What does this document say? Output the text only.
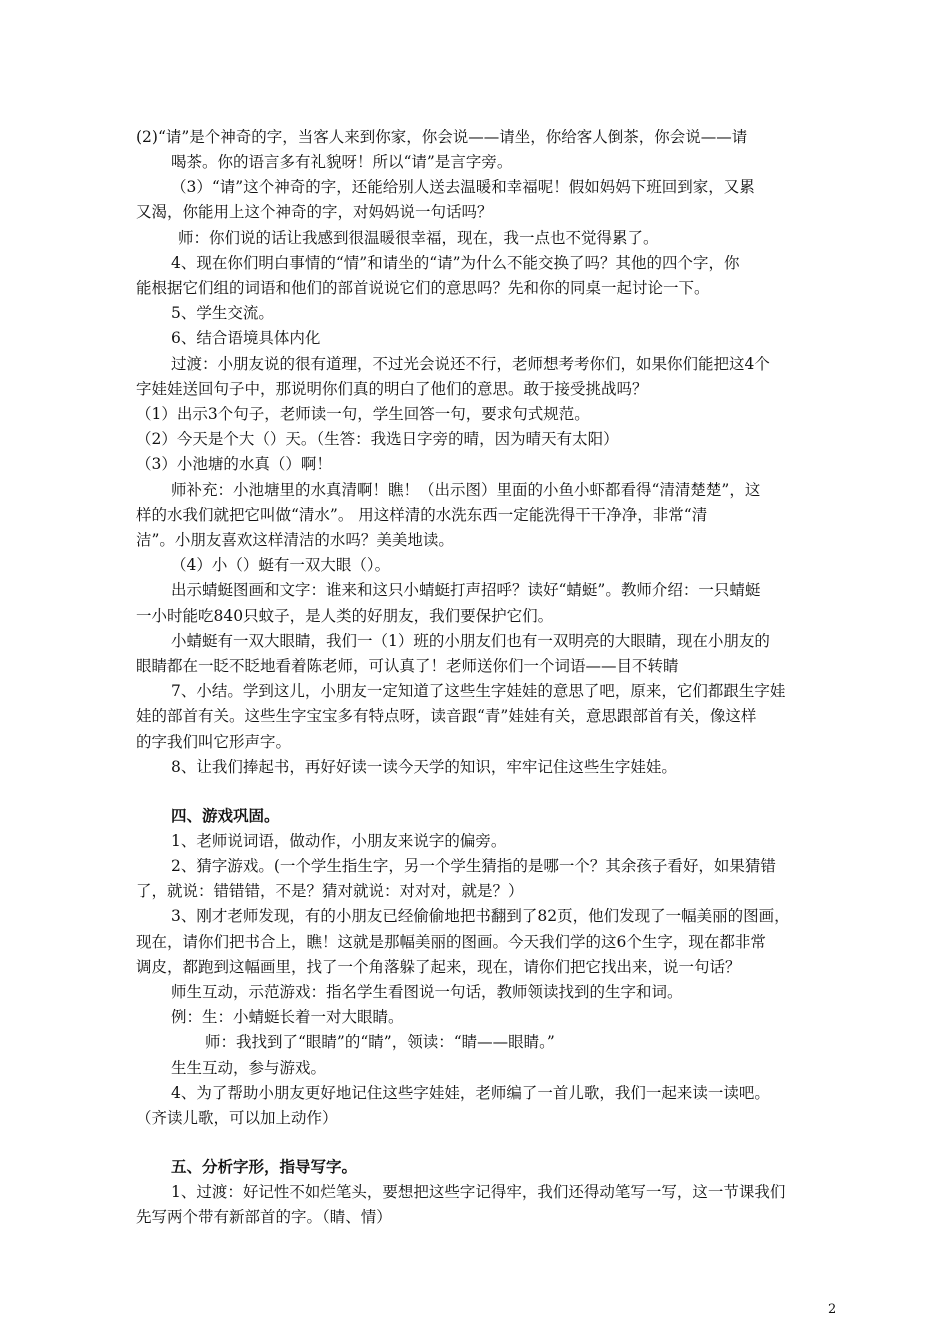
(2)“请”是个神奇的字，当客人来到你家，你会说——请坐，你给客人倒茶，你会说——请

喝茶。你的语言多有礼貌呀！所以“请”是言字旁。

（3）“请”这个神奇的字，还能给别人送去温暖和幸福呢！假如妈妈下班回到家，又累

又渴，你能用上这个神奇的字，对妈妈说一句话吗？

师：你们说的话让我感到很温暖很幸福，现在，我一点也不觉得累了。

4、现在你们明白事情的“情”和请坐的“请”为什么不能交换了吗？其他的四个字，你

能根据它们组的词语和他们的部首说说它们的意思吗？先和你的同桌一起讨论一下。

5、学生交流。

6、结合语境具体内化

过渡：小朋友说的很有道理，不过光会说还不行，老师想考考你们，如果你们能把这4个

字娃娃送回句子中，那说明你们真的明白了他们的意思。敢于接受挑战吗？

（1）出示3个句子，老师读一句，学生回答一句，要求句式规范。

（2）今天是个大（）天。（生答：我选日字旁的晴，因为晴天有太阳）

（3）小池塘的水真（）啊！

师补充：小池塘里的水真清啊！瞧！（出示图）里面的小鱼小虾都看得“清清楚楚”，这

样的水我们就把它叫做“清水”。 用这样清的水洗东西一定能洗得干干净净，非常“清

洁”。小朋友喜欢这样清洁的水吗？美美地读。

（4）小（）蜓有一双大眼（）。

出示蜻蜓图画和文字：谁来和这只小蜻蜓打声招呼？读好“蜻蜓”。教师介绍：一只蜻蜓

一小时能吃840只蚊子，是人类的好朋友，我们要保护它们。

小蜻蜓有一双大眼睛，我们一（1）班的小朋友们也有一双明亮的大眼睛，现在小朋友的

眼睛都在一眨不眨地看着陈老师，可认真了！老师送你们一个词语——目不转睛

7、小结。学到这儿，小朋友一定知道了这些生字娃娃的意思了吧，原来，它们都跟生字娃

娃的部首有关。这些生字宝宝多有特点呀，读音跟“青”娃娃有关，意思跟部首有关，像这样

的字我们叫它形声字。

8、让我们捧起书，再好好读一读今天学的知识，牢牢记住这些生字娃娃。

四、游戏巩固。

1、老师说词语，做动作，小朋友来说字的偏旁。

2、猜字游戏。(一个学生指生字，另一个学生猜指的是哪一个？其余孩子看好，如果猜错

了，就说：错错错，不是？猜对就说：对对对，就是？）

3、刚才老师发现，有的小朋友已经偷偷地把书翻到了82页，他们发现了一幅美丽的图画，

现在，请你们把书合上，瞧！这就是那幅美丽的图画。今天我们学的这6个生字，现在都非常

调皮，都跑到这幅画里，找了一个角落躲了起来，现在，请你们把它找出来，说一句话？

师生互动，示范游戏：指名学生看图说一句话，教师领读找到的生字和词。

例：生：小蜻蜓长着一对大眼睛。

师：我找到了“眼睛”的“睛”，领读：“睛——眼睛。”

生生互动，参与游戏。

4、为了帮助小朋友更好地记住这些字娃娃，老师编了一首儿歌，我们一起来读一读吧。

（齐读儿歌，可以加上动作）

五、分析字形，指导写字。

1、过渡：好记性不如烂笔头，要想把这些字记得牢，我们还得动笔写一写，这一节课我们

先写两个带有新部首的字。（睛、情）

2
